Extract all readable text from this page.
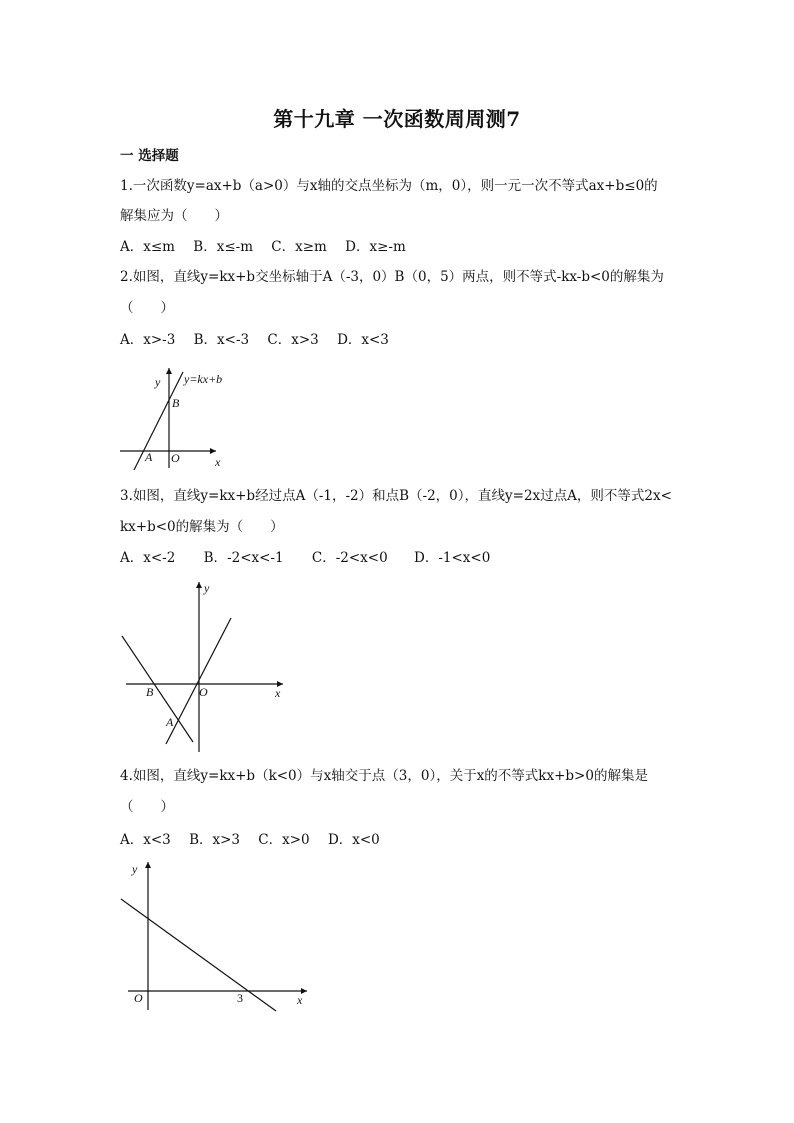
第十九章 一次函数周周测7
一 选择题
1.一次函数y=ax+b（a>0）与x轴的交点坐标为（m，0），则一元一次不等式ax+b≤0的
解集应为（　　）
A．x≤m B．x≤-m C．x≥m D．x≥-m
2.如图，直线y=kx+b交坐标轴于A（-3，0）B（0，5）两点，则不等式-kx-b<0的解集为
（　　）
A．x>-3 B．x<-3 C．x>3 D．x<3
y y=kx+b
B
A O	x
y
B	O
A
x
y
O	3	x
3.如图，直线y=kx+b经过点A（-1，-2）和点B（-2，0），直线y=2x过点A，则不等式2x<
kx+b<0的解集为（　　）
A．x<-2 B．-2<x<-1 C．-2<x<0 D．-1<x<0
4.如图，直线y=kx+b（k<0）与x轴交于点（3，0），关于x的不等式kx+b>0的解集是
（　　）
A．x<3 B．x>3 C．x>0 D．x<0
